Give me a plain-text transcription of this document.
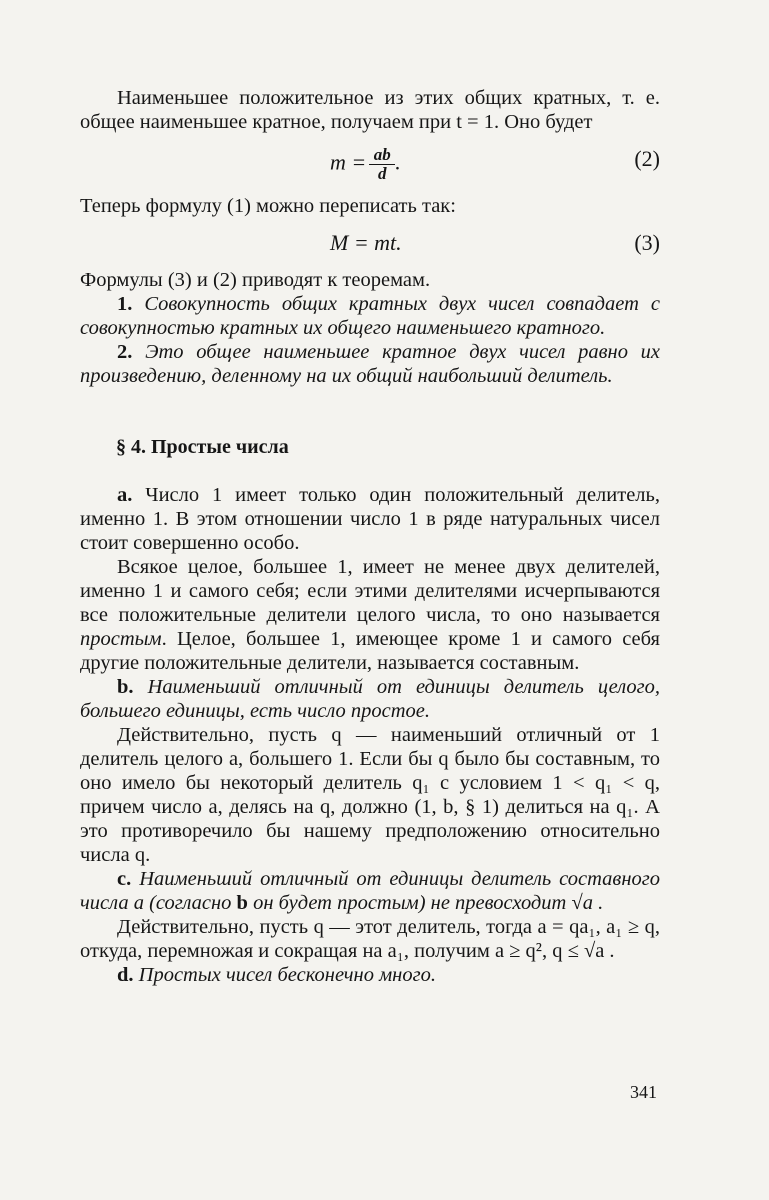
Наименьшее положительное из этих общих кратных, т. е. общее наименьшее кратное, получаем при t = 1. Оно будет

$m = \frac{ab}{d}$ .	(2)

Теперь формулу (1) можно переписать так:

M = mt.	(3)

Формулы (3) и (2) приводят к теоремам.

1. Совокупность общих кратных двух чисел совпадает с совокупностью кратных их общего наименьшего кратного.

2. Это общее наименьшее кратное двух чисел равно их произведению, деленному на их общий наибольший делитель.

§ 4. Простые числа

a. Число 1 имеет только один положительный делитель, именно 1. В этом отношении число 1 в ряде натуральных чисел стоит совершенно особо.

Всякое целое, большее 1, имеет не менее двух делителей, именно 1 и самого себя; если этими делителями исчерпываются все положительные делители целого числа, то оно называется простым. Целое, большее 1, имеющее кроме 1 и самого себя другие положительные делители, называется составным.

b. Наименьший отличный от единицы делитель целого, большего единицы, есть число простое.

Действительно, пусть q — наименьший отличный от 1 делитель целого a, большего 1. Если бы q было бы составным, то оно имело бы некоторый делитель q₁ с условием 1 < q₁ < q, причем число a, делясь на q, должно (1, b, § 1) делиться на q₁. А это противоречило бы нашему предположению относительно числа q.

c. Наименьший отличный от единицы делитель составного числа a (согласно b он будет простым) не превосходит √a .

Действительно, пусть q — этот делитель, тогда a = qa₁, a₁ ≥ q, откуда, перемножая и сокращая на a₁, получим a ≥ q², q ≤ √a .

d. Простых чисел бесконечно много.

341
